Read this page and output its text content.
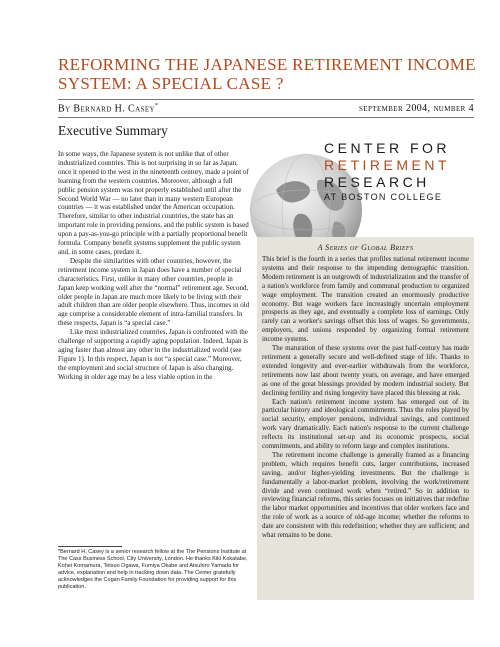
REFORMING THE JAPANESE RETIREMENT INCOME SYSTEM: A SPECIAL CASE ?
By Bernard H. Casey*	september 2004, number 4
Executive Summary

In some ways, the Japanese system is not unlike that of other industrialized countries. This is not surprising in so far as Japan, once it opened to the west in the nineteenth century, made a point of learning from the western countries. Moreover, although a full public pension system was not properly established until after the Second World War — no later than in many western European countries — it was established under the American occupation. Therefore, similar to other industrial countries, the state has an important role in providing pensions, and the public system is based upon a pay-as-you-go principle with a partially proportional benefit formula. Company benefit systems supplement the public system and, in some cases, predate it.

Despite the similarities with other countries, however, the retirement income system in Japan does have a number of special characteristics. First, unlike in many other countries, people in Japan keep working well after the “normal” retirement age. Second, older people in Japan are much more likely to be living with their adult children than are older people elsewhere. Thus, incomes in old age comprise a considerable element of intra-familial transfers. In these respects, Japan is “a special case.”

Like most industrialized countries, Japan is confronted with the challenge of supporting a rapidly aging population. Indeed, Japan is aging faster than almost any other in the industrialized world (see Figure 1). In this respect, Japan is not “a special case.” Moreover, the employment and social structure of Japan is also changing. Working in older age may be a less viable option in the

*Bernard H. Casey is a senior research fellow at the The Pensions Institute at The Cass Business School, City University, London. He thanks Kiki Kokatabe, Kohei Komamura, Tetsuo Ogawa, Fumiya Okabe and Atsuhiro Yamada for advice, explanation and help in tracking down data. The Center gratefully acknowledges the Cogan Family Foundation for providing support for this publication.

CENTER FOR
RETIREMENT
RESEARCH
AT BOSTON COLLEGE
A Series of Global Briefs

This brief is the fourth in a series that profiles national retirement income systems and their response to the impending demographic transition. Modern retirement is an outgrowth of industrialization and the transfer of a nation's workforce from family and communal production to organized wage employment. The transition created an enormously productive economy. But wage workers face increasingly uncertain employment prospects as they age, and eventually a complete loss of earnings. Only rarely can a worker's savings offset this loss of wages. So governments, employers, and unions responded by organizing formal retirement income systems.

The maturation of these systems over the past half-century has made retirement a generally secure and well-defined stage of life. Thanks to extended longevity and ever-earlier withdrawals from the workforce, retirements now last about twenty years, on average, and have emerged as one of the great blessings provided by modern industrial society. But declining fertility and rising longevity have placed this blessing at risk.

Each nation's retirement income system has emerged out of its particular history and ideological commitments. Thus the roles played by social security, employer pensions, individual savings, and continued work vary dramatically. Each nation's response to the current challenge reflects its institutional set-up and its economic prospects, social commitments, and ability to reform large and complex institutions.

The retirement income challenge is generally framed as a financing problem, which requires benefit cuts, larger contributions, increased saving, and/or higher-yielding investments. But the challenge is fundamentally a labor-market problem, involving the work/retirement divide and even continued work when “retired.” So in addition to reviewing financial reforms, this series focuses on initiatives that redefine the labor market opportunities and incentives that older workers face and the role of work as a source of old-age income; whether the reforms to date are consistent with this redefinition; whether they are sufficient; and what remains to be done.
